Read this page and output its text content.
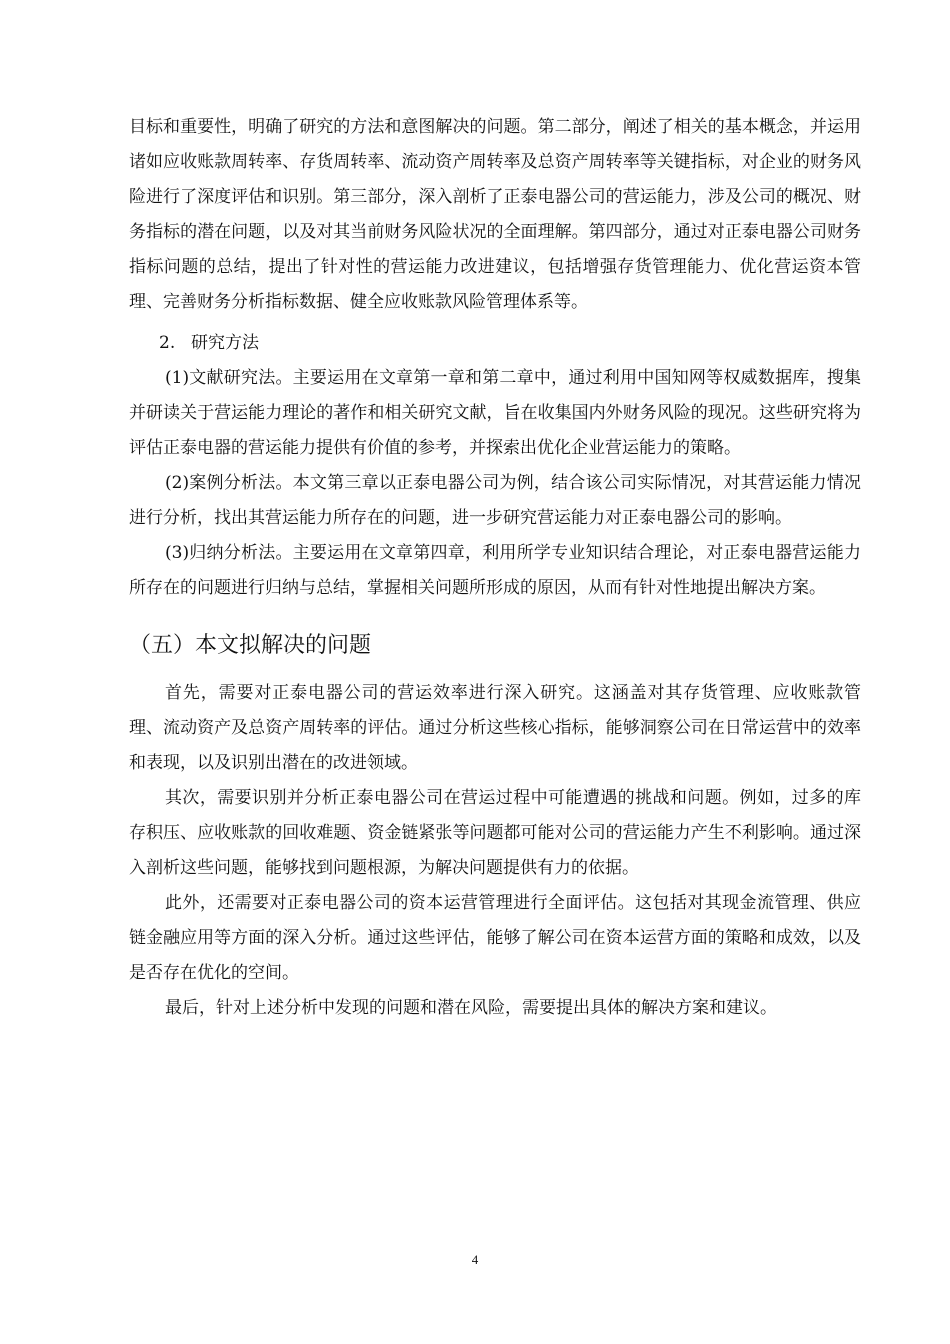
目标和重要性，明确了研究的方法和意图解决的问题。第二部分，阐述了相关的基本概念，并运用诸如应收账款周转率、存货周转率、流动资产周转率及总资产周转率等关键指标，对企业的财务风险进行了深度评估和识别。第三部分，深入剖析了正泰电器公司的营运能力，涉及公司的概况、财务指标的潜在问题，以及对其当前财务风险状况的全面理解。第四部分，通过对正泰电器公司财务指标问题的总结，提出了针对性的营运能力改进建议，包括增强存货管理能力、优化营运资本管理、完善财务分析指标数据、健全应收账款风险管理体系等。

2. 研究方法

(1)文献研究法。主要运用在文章第一章和第二章中，通过利用中国知网等权威数据库，搜集并研读关于营运能力理论的著作和相关研究文献，旨在收集国内外财务风险的现况。这些研究将为评估正泰电器的营运能力提供有价值的参考，并探索出优化企业营运能力的策略。

(2)案例分析法。本文第三章以正泰电器公司为例，结合该公司实际情况，对其营运能力情况进行分析，找出其营运能力所存在的问题，进一步研究营运能力对正泰电器公司的影响。

(3)归纳分析法。主要运用在文章第四章，利用所学专业知识结合理论，对正泰电器营运能力所存在的问题进行归纳与总结，掌握相关问题所形成的原因，从而有针对性地提出解决方案。

（五）本文拟解决的问题

首先，需要对正泰电器公司的营运效率进行深入研究。这涵盖对其存货管理、应收账款管理、流动资产及总资产周转率的评估。通过分析这些核心指标，能够洞察公司在日常运营中的效率和表现，以及识别出潜在的改进领域。

其次，需要识别并分析正泰电器公司在营运过程中可能遭遇的挑战和问题。例如，过多的库存积压、应收账款的回收难题、资金链紧张等问题都可能对公司的营运能力产生不利影响。通过深入剖析这些问题，能够找到问题根源，为解决问题提供有力的依据。

此外，还需要对正泰电器公司的资本运营管理进行全面评估。这包括对其现金流管理、供应链金融应用等方面的深入分析。通过这些评估，能够了解公司在资本运营方面的策略和成效，以及是否存在优化的空间。

最后，针对上述分析中发现的问题和潜在风险，需要提出具体的解决方案和建议。

4
